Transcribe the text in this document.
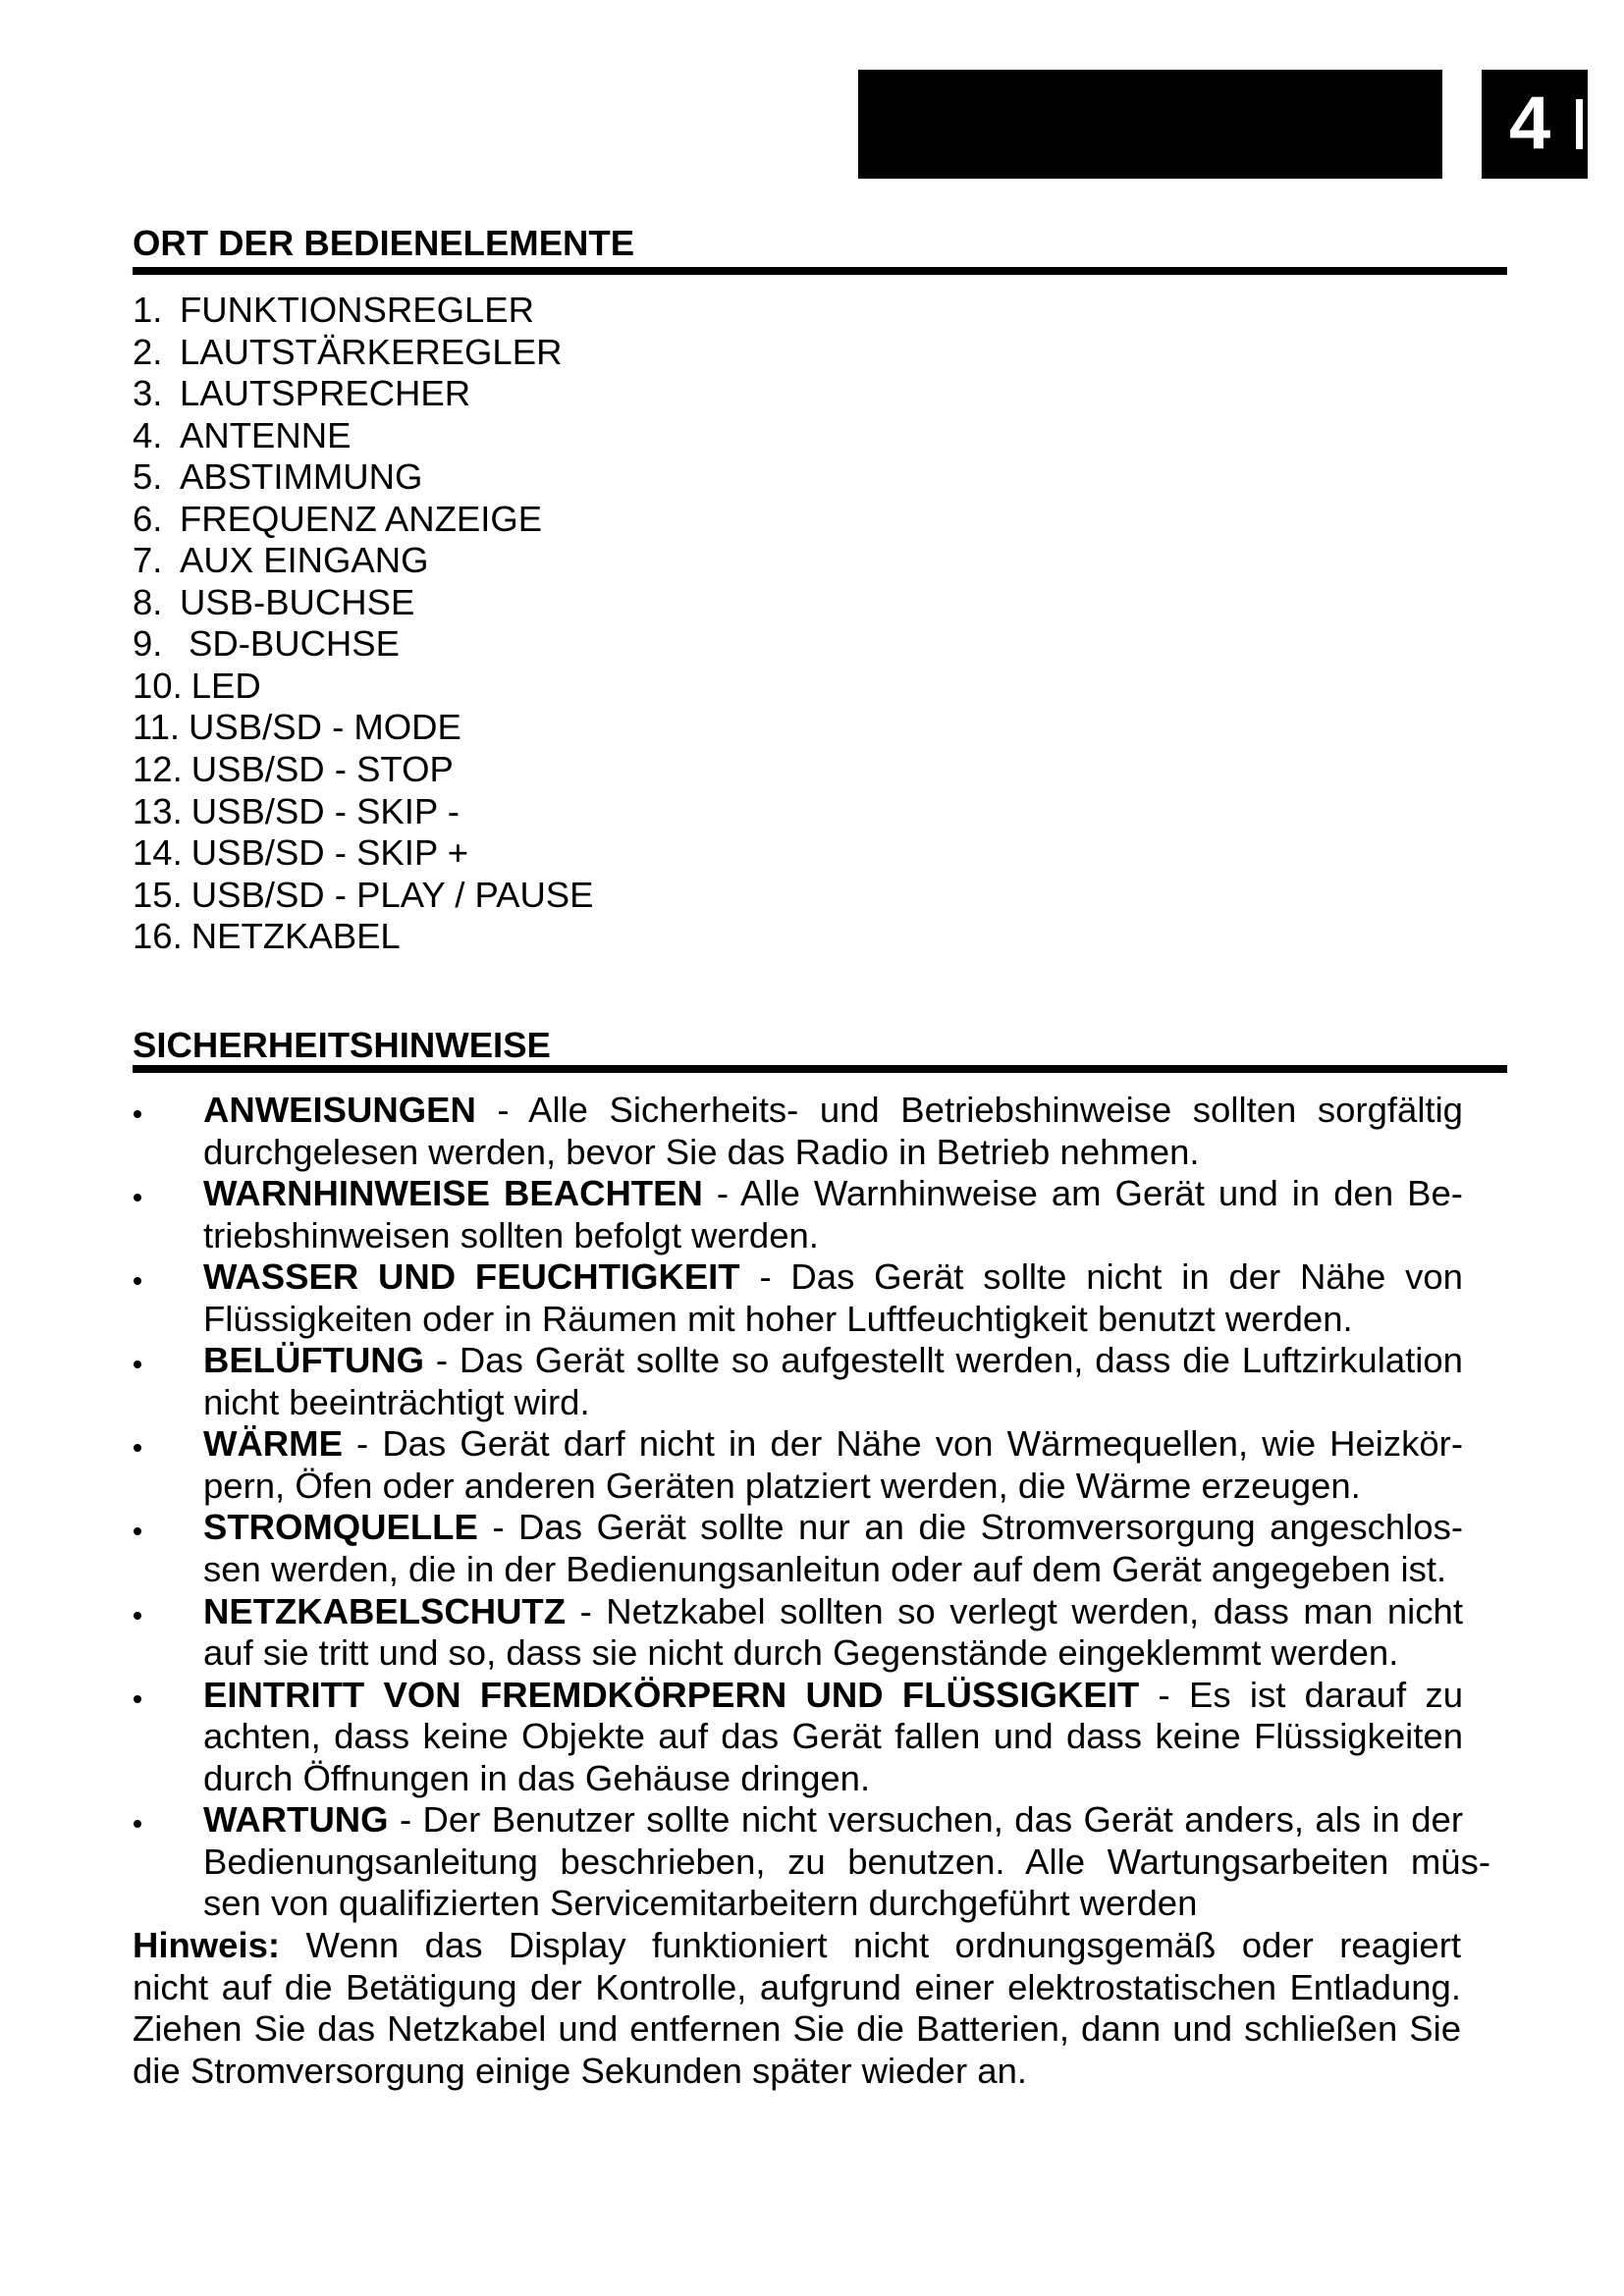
4
ORT DER BEDIENELEMENTE
1. FUNKTIONSREGLER
2. LAUTSTÄRKEREGLER
3. LAUTSPRECHER
4. ANTENNE
5. ABSTIMMUNG
6. FREQUENZ ANZEIGE
7. AUX EINGANG
8. USB-BUCHSE
9. SD-BUCHSE
10. LED
11. USB/SD - MODE
12. USB/SD - STOP
13. USB/SD - SKIP -
14. USB/SD - SKIP +
15. USB/SD - PLAY / PAUSE
16. NETZKABEL
SICHERHEITSHINWEISE
ANWEISUNGEN - Alle Sicherheits- und Betriebshinweise sollten sorgfältig
durchgelesen werden, bevor Sie das Radio in Betrieb nehmen.
WARNHINWEISE BEACHTEN - Alle Warnhinweise am Gerät und in den Be-
triebshinweisen sollten befolgt werden.
WASSER UND FEUCHTIGKEIT - Das Gerät sollte nicht in der Nähe von
Flüssigkeiten oder in Räumen mit hoher Luftfeuchtigkeit benutzt werden.
BELÜFTUNG - Das Gerät sollte so aufgestellt werden, dass die Luftzirkulation
nicht beeinträchtigt wird.
WÄRME - Das Gerät darf nicht in der Nähe von Wärmequellen, wie Heizkör-
pern, Öfen oder anderen Geräten platziert werden, die Wärme erzeugen.
STROMQUELLE - Das Gerät sollte nur an die Stromversorgung angeschlos-
sen werden, die in der Bedienungsanleitun oder auf dem Gerät angegeben ist.
NETZKABELSCHUTZ - Netzkabel sollten so verlegt werden, dass man nicht
auf sie tritt und so, dass sie nicht durch Gegenstände eingeklemmt werden.
EINTRITT VON FREMDKÖRPERN UND FLÜSSIGKEIT - Es ist darauf zu
achten, dass keine Objekte auf das Gerät fallen und dass keine Flüssigkeiten
durch Öffnungen in das Gehäuse dringen.
WARTUNG - Der Benutzer sollte nicht versuchen, das Gerät anders, als in der
Bedienungsanleitung beschrieben, zu benutzen. Alle Wartungsarbeiten müs-
sen von qualifizierten Servicemitarbeitern durchgeführt werden
Hinweis: Wenn das Display funktioniert nicht ordnungsgemäß oder reagiert
nicht auf die Betätigung der Kontrolle, aufgrund einer elektrostatischen Entladung.
Ziehen Sie das Netzkabel und entfernen Sie die Batterien, dann und schließen Sie
die Stromversorgung einige Sekunden später wieder an.
